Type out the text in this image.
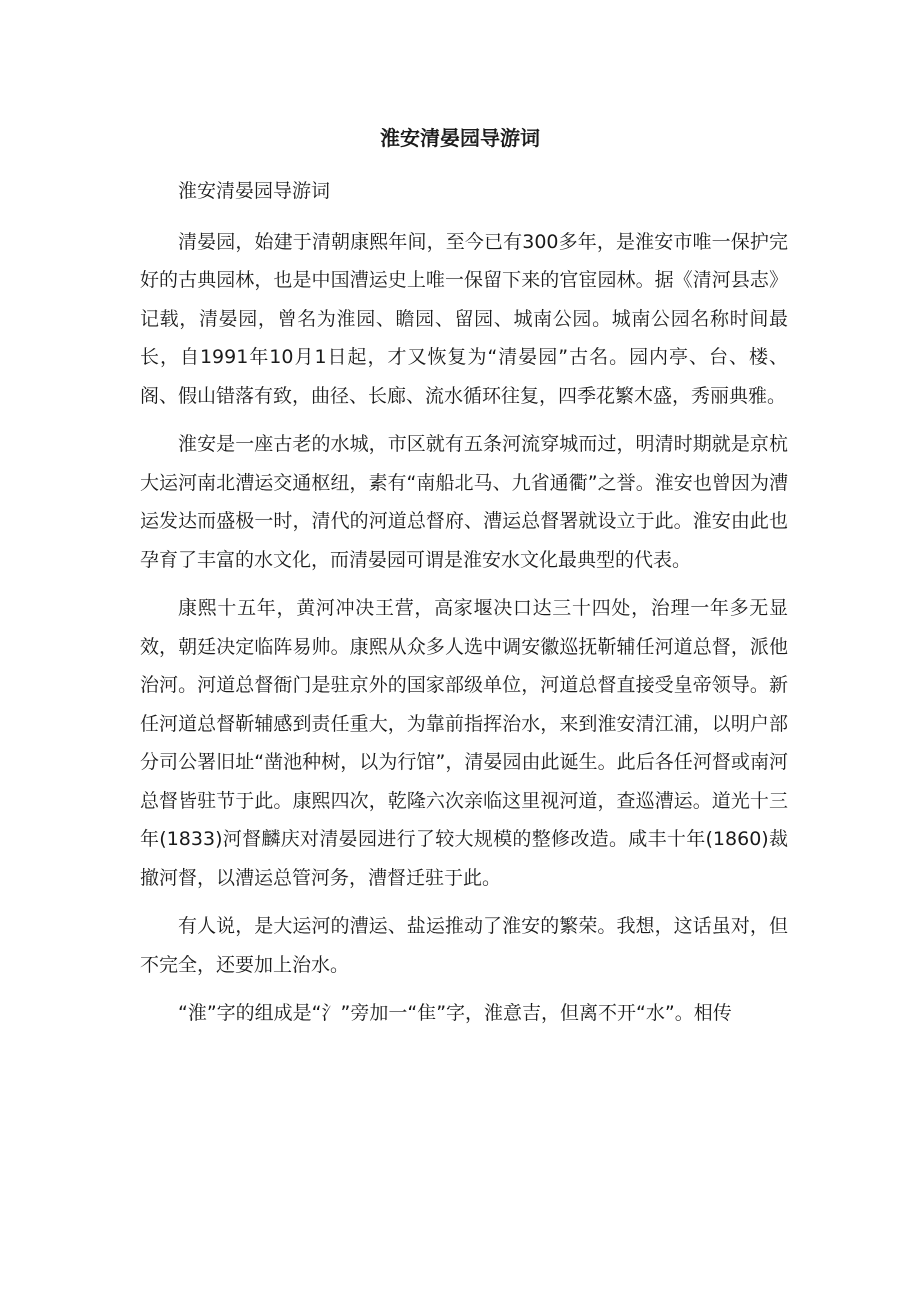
淮安清晏园导游词

淮安清晏园导游词

清晏园，始建于清朝康熙年间，至今已有300多年，是淮安市唯一保护完好的古典园林，也是中国漕运史上唯一保留下来的官宦园林。据《清河县志》记载，清晏园，曾名为淮园、瞻园、留园、城南公园。城南公园名称时间最长，自1991年10月1日起，才又恢复为“清晏园”古名。园内亭、台、楼、阁、假山错落有致，曲径、长廊、流水循环往复，四季花繁木盛，秀丽典雅。

淮安是一座古老的水城，市区就有五条河流穿城而过，明清时期就是京杭大运河南北漕运交通枢纽，素有“南船北马、九省通衢”之誉。淮安也曾因为漕运发达而盛极一时，清代的河道总督府、漕运总督署就设立于此。淮安由此也孕育了丰富的水文化，而清晏园可谓是淮安水文化最典型的代表。

康熙十五年，黄河冲决王营，高家堰决口达三十四处，治理一年多无显效，朝廷决定临阵易帅。康熙从众多人选中调安徽巡抚靳辅任河道总督，派他治河。河道总督衙门是驻京外的国家部级单位，河道总督直接受皇帝领导。新任河道总督靳辅感到责任重大，为靠前指挥治水，来到淮安清江浦，以明户部分司公署旧址“凿池种树，以为行馆”，清晏园由此诞生。此后各任河督或南河总督皆驻节于此。康熙四次，乾隆六次亲临这里视河道，查巡漕运。道光十三年(1833)河督麟庆对清晏园进行了较大规模的整修改造。咸丰十年(1860)裁撤河督，以漕运总管河务，漕督迁驻于此。

有人说，是大运河的漕运、盐运推动了淮安的繁荣。我想，这话虽对，但不完全，还要加上治水。

“淮”字的组成是“氵”旁加一“隹”字，淮意吉，但离不开“水”。相传
